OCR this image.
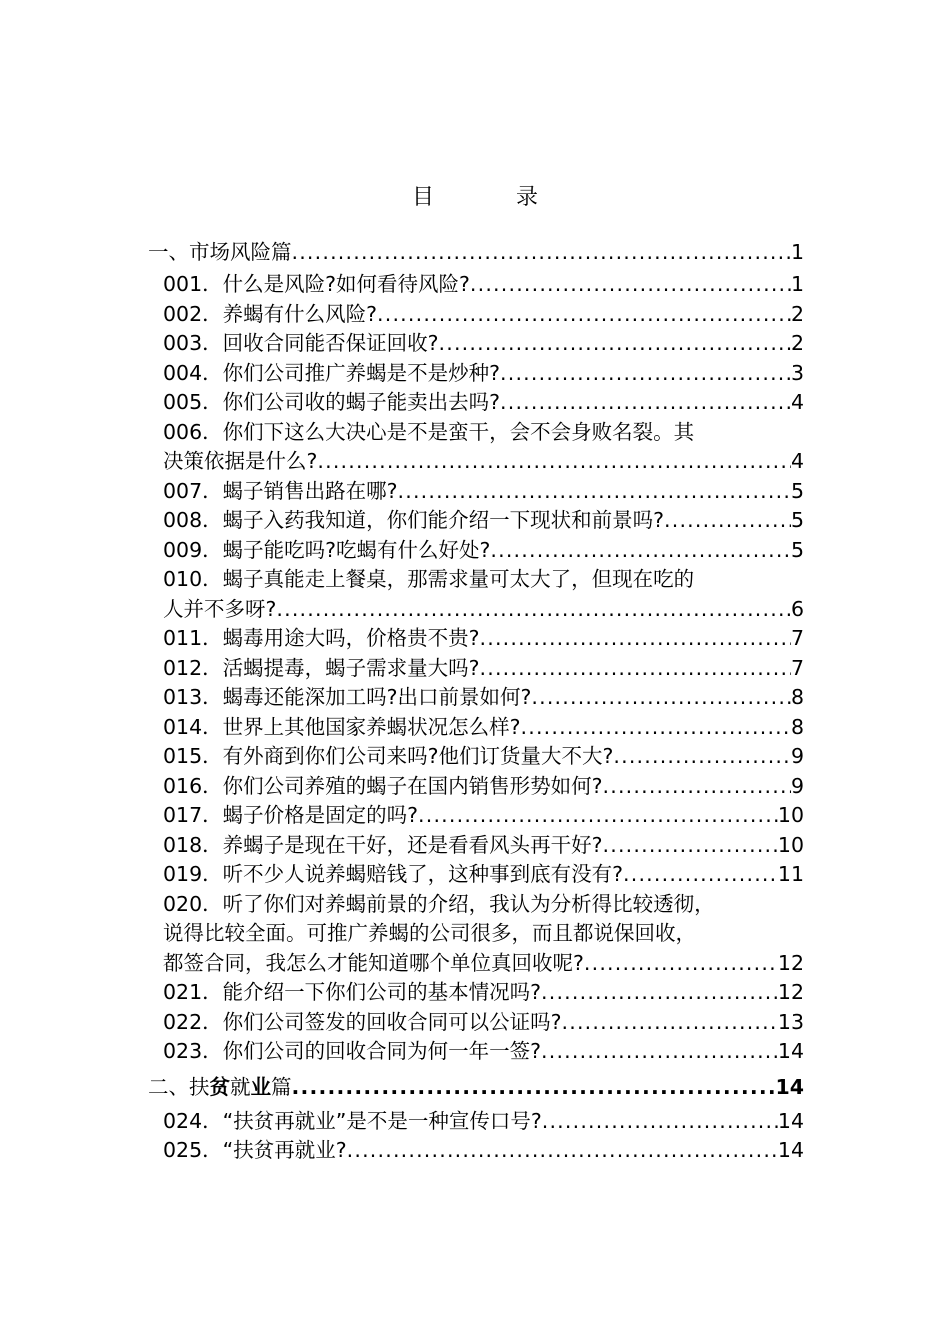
目　录
一、市场风险篇 .....	1
001．什么是风险?如何看待风险? .....	1
002．养蝎有什么风险? .....	2
003．回收合同能否保证回收? .....	2
004．你们公司推广养蝎是不是炒种? .....	3
005．你们公司收的蝎子能卖出去吗? .....	4
006．你们下这么大决心是不是蛮干，会不会身败名裂。其
决策依据是什么? .....	4
007．蝎子销售出路在哪? .....	5
008．蝎子入药我知道，你们能介绍一下现状和前景吗? .....	5
009．蝎子能吃吗?吃蝎有什么好处? .....	5
010．蝎子真能走上餐桌，那需求量可太大了，但现在吃的
人并不多呀? .....	6
011．蝎毒用途大吗，价格贵不贵? .....	7
012．活蝎提毒，蝎子需求量大吗? .....	7
013．蝎毒还能深加工吗?出口前景如何? .....	8
014．世界上其他国家养蝎状况怎么样? .....	8
015．有外商到你们公司来吗?他们订货量大不大? .....	9
016．你们公司养殖的蝎子在国内销售形势如何? .....	9
017．蝎子价格是固定的吗? .....	10
018．养蝎子是现在干好，还是看看风头再干好? .....	10
019．听不少人说养蝎赔钱了，这种事到底有没有? .....	11
020．听了你们对养蝎前景的介绍，我认为分析得比较透彻，
说得比较全面。可推广养蝎的公司很多，而且都说保回收，
都签合同，我怎么才能知道哪个单位真回收呢? .....	12
021．能介绍一下你们公司的基本情况吗? .....	12
022．你们公司签发的回收合同可以公证吗? .....	13
023．你们公司的回收合同为何一年一签? .....	14
二、扶贫就业篇 .....	14
024．“扶贫再就业”是不是一种宣传口号? .....	14
025．“扶贫再就业? .....	14
